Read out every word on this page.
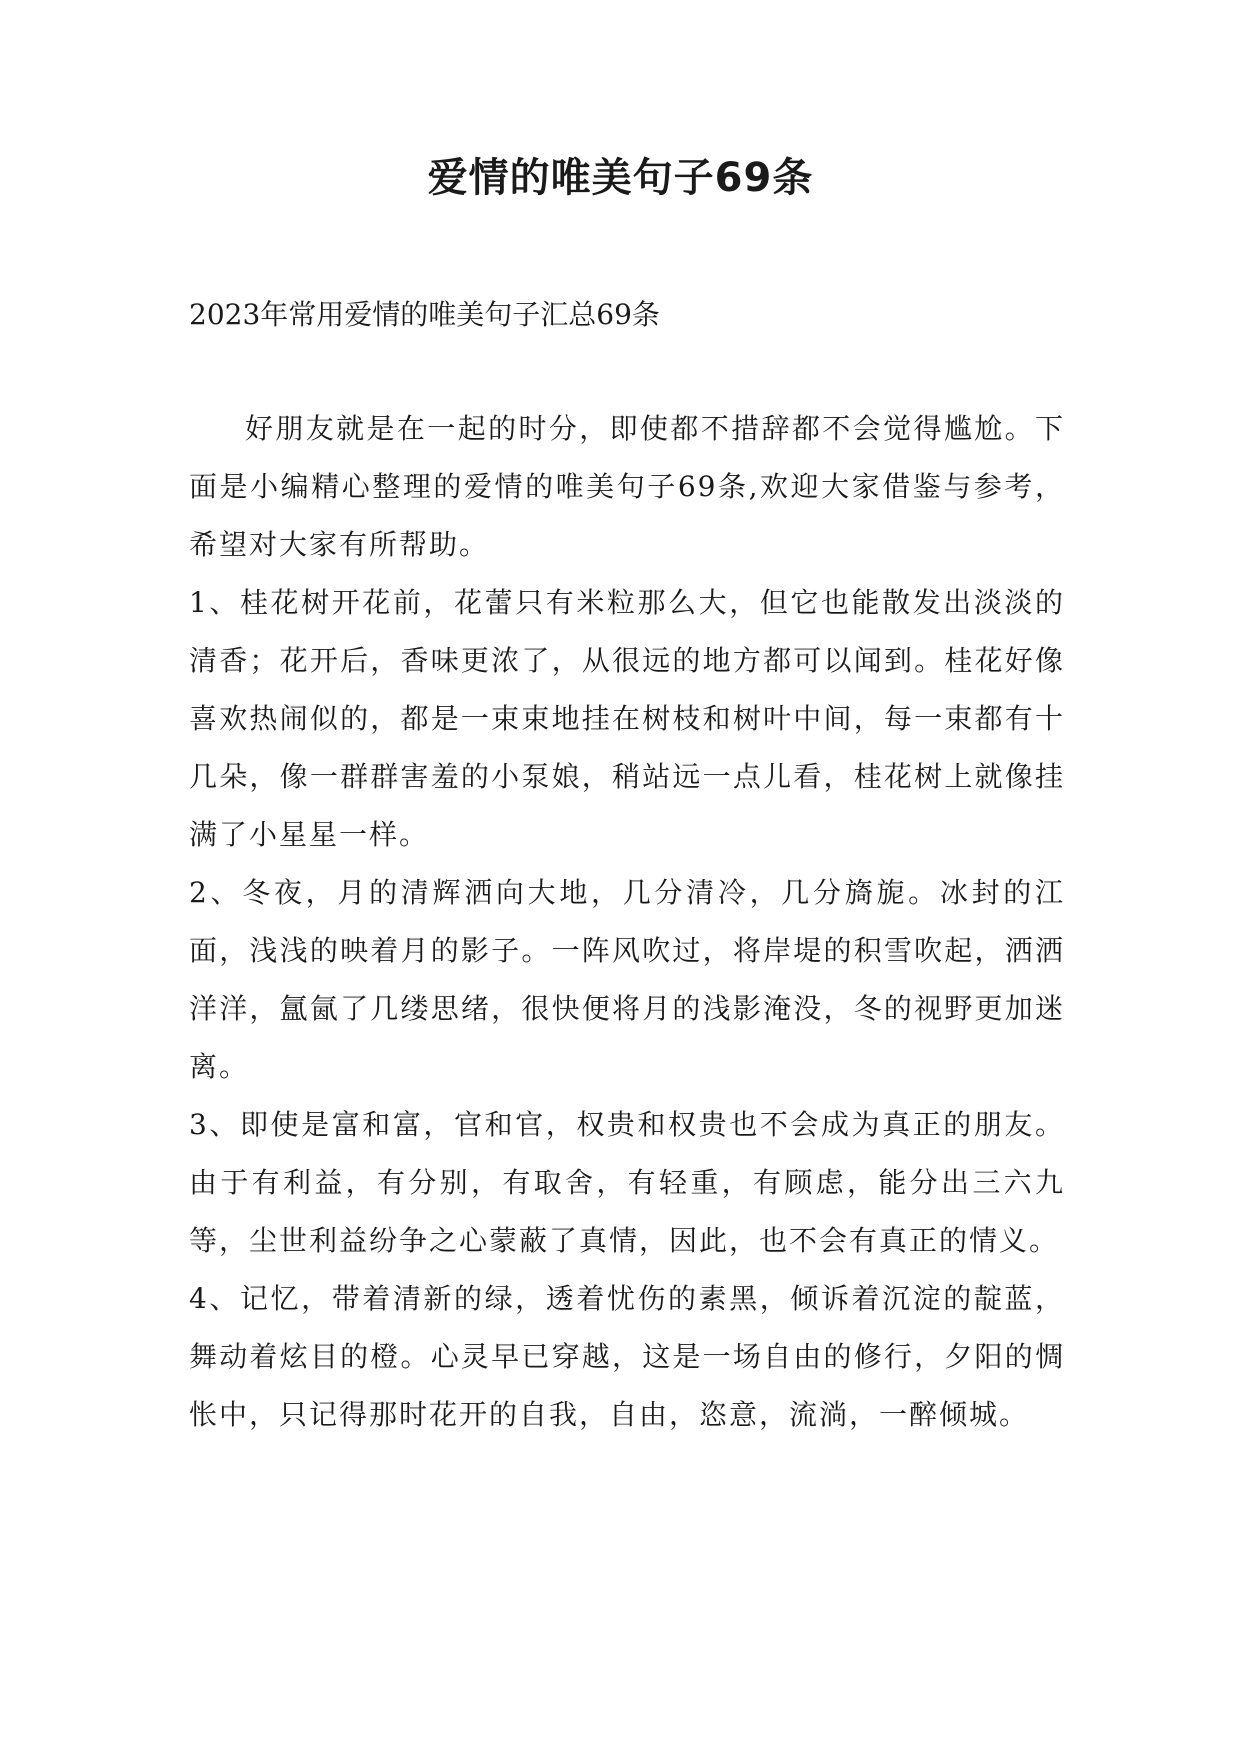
爱情的唯美句子69条
2023年常用爱情的唯美句子汇总69条

好朋友就是在一起的时分，即使都不措辞都不会觉得尴尬。下面是小编精心整理的爱情的唯美句子69条,欢迎大家借鉴与参考，希望对大家有所帮助。

1、桂花树开花前，花蕾只有米粒那么大，但它也能散发出淡淡的清香；花开后，香味更浓了，从很远的地方都可以闻到。桂花好像喜欢热闹似的，都是一束束地挂在树枝和树叶中间，每一束都有十几朵，像一群群害羞的小泵娘，稍站远一点儿看，桂花树上就像挂满了小星星一样。

2、冬夜，月的清辉洒向大地，几分清冷，几分旖旎。冰封的江面，浅浅的映着月的影子。一阵风吹过，将岸堤的积雪吹起，洒洒洋洋，氲氤了几缕思绪，很快便将月的浅影淹没，冬的视野更加迷离。

3、即使是富和富，官和官，权贵和权贵也不会成为真正的朋友。由于有利益，有分别，有取舍，有轻重，有顾虑，能分出三六九等，尘世利益纷争之心蒙蔽了真情，因此，也不会有真正的情义。

4、记忆，带着清新的绿，透着忧伤的素黑，倾诉着沉淀的靛蓝，舞动着炫目的橙。心灵早已穿越，这是一场自由的修行，夕阳的惆怅中，只记得那时花开的自我，自由，恣意，流淌，一醉倾城。
